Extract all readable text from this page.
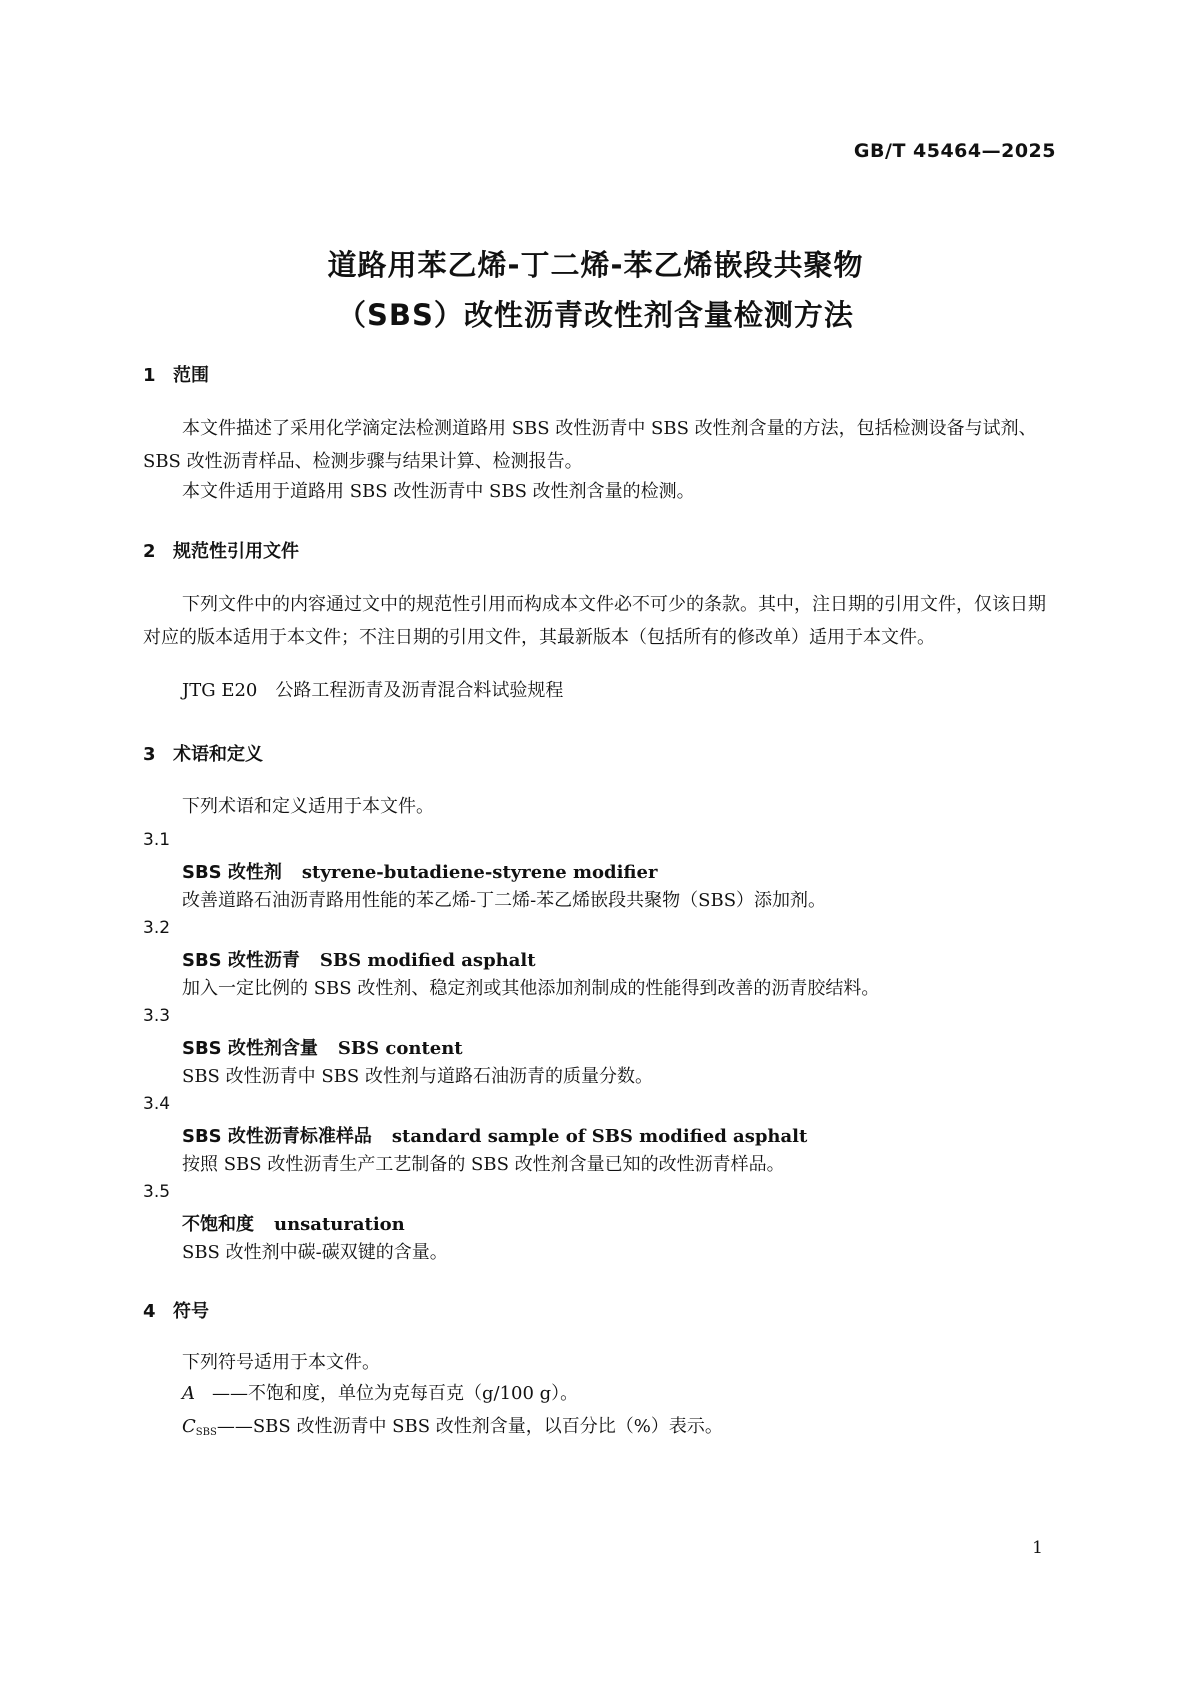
GB/T 45464—2025
道路用苯乙烯-丁二烯-苯乙烯嵌段共聚物
（SBS）改性沥青改性剂含量检测方法
1 范围
本文件描述了采用化学滴定法检测道路用 SBS 改性沥青中 SBS 改性剂含量的方法，包括检测设备与试剂、SBS 改性沥青样品、检测步骤与结果计算、检测报告。
本文件适用于道路用 SBS 改性沥青中 SBS 改性剂含量的检测。
2 规范性引用文件
下列文件中的内容通过文中的规范性引用而构成本文件必不可少的条款。其中，注日期的引用文件，仅该日期对应的版本适用于本文件；不注日期的引用文件，其最新版本（包括所有的修改单）适用于本文件。
JTG E20　公路工程沥青及沥青混合料试验规程
3 术语和定义
下列术语和定义适用于本文件。
3.1
SBS 改性剂 styrene-butadiene-styrene modifier
改善道路石油沥青路用性能的苯乙烯-丁二烯-苯乙烯嵌段共聚物（SBS）添加剂。
3.2
SBS 改性沥青 SBS modified asphalt
加入一定比例的 SBS 改性剂、稳定剂或其他添加剂制成的性能得到改善的沥青胶结料。
3.3
SBS 改性剂含量 SBS content
SBS 改性沥青中 SBS 改性剂与道路石油沥青的质量分数。
3.4
SBS 改性沥青标准样品 standard sample of SBS modified asphalt
按照 SBS 改性沥青生产工艺制备的 SBS 改性剂含量已知的改性沥青样品。
3.5
不饱和度 unsaturation
SBS 改性剂中碳-碳双键的含量。
4 符号
下列符号适用于本文件。
A ——不饱和度，单位为克每百克（g/100 g）。
$C_{SBS}——SBS$ 改性沥青中 SBS 改性剂含量，以百分比（%）表示。
1
